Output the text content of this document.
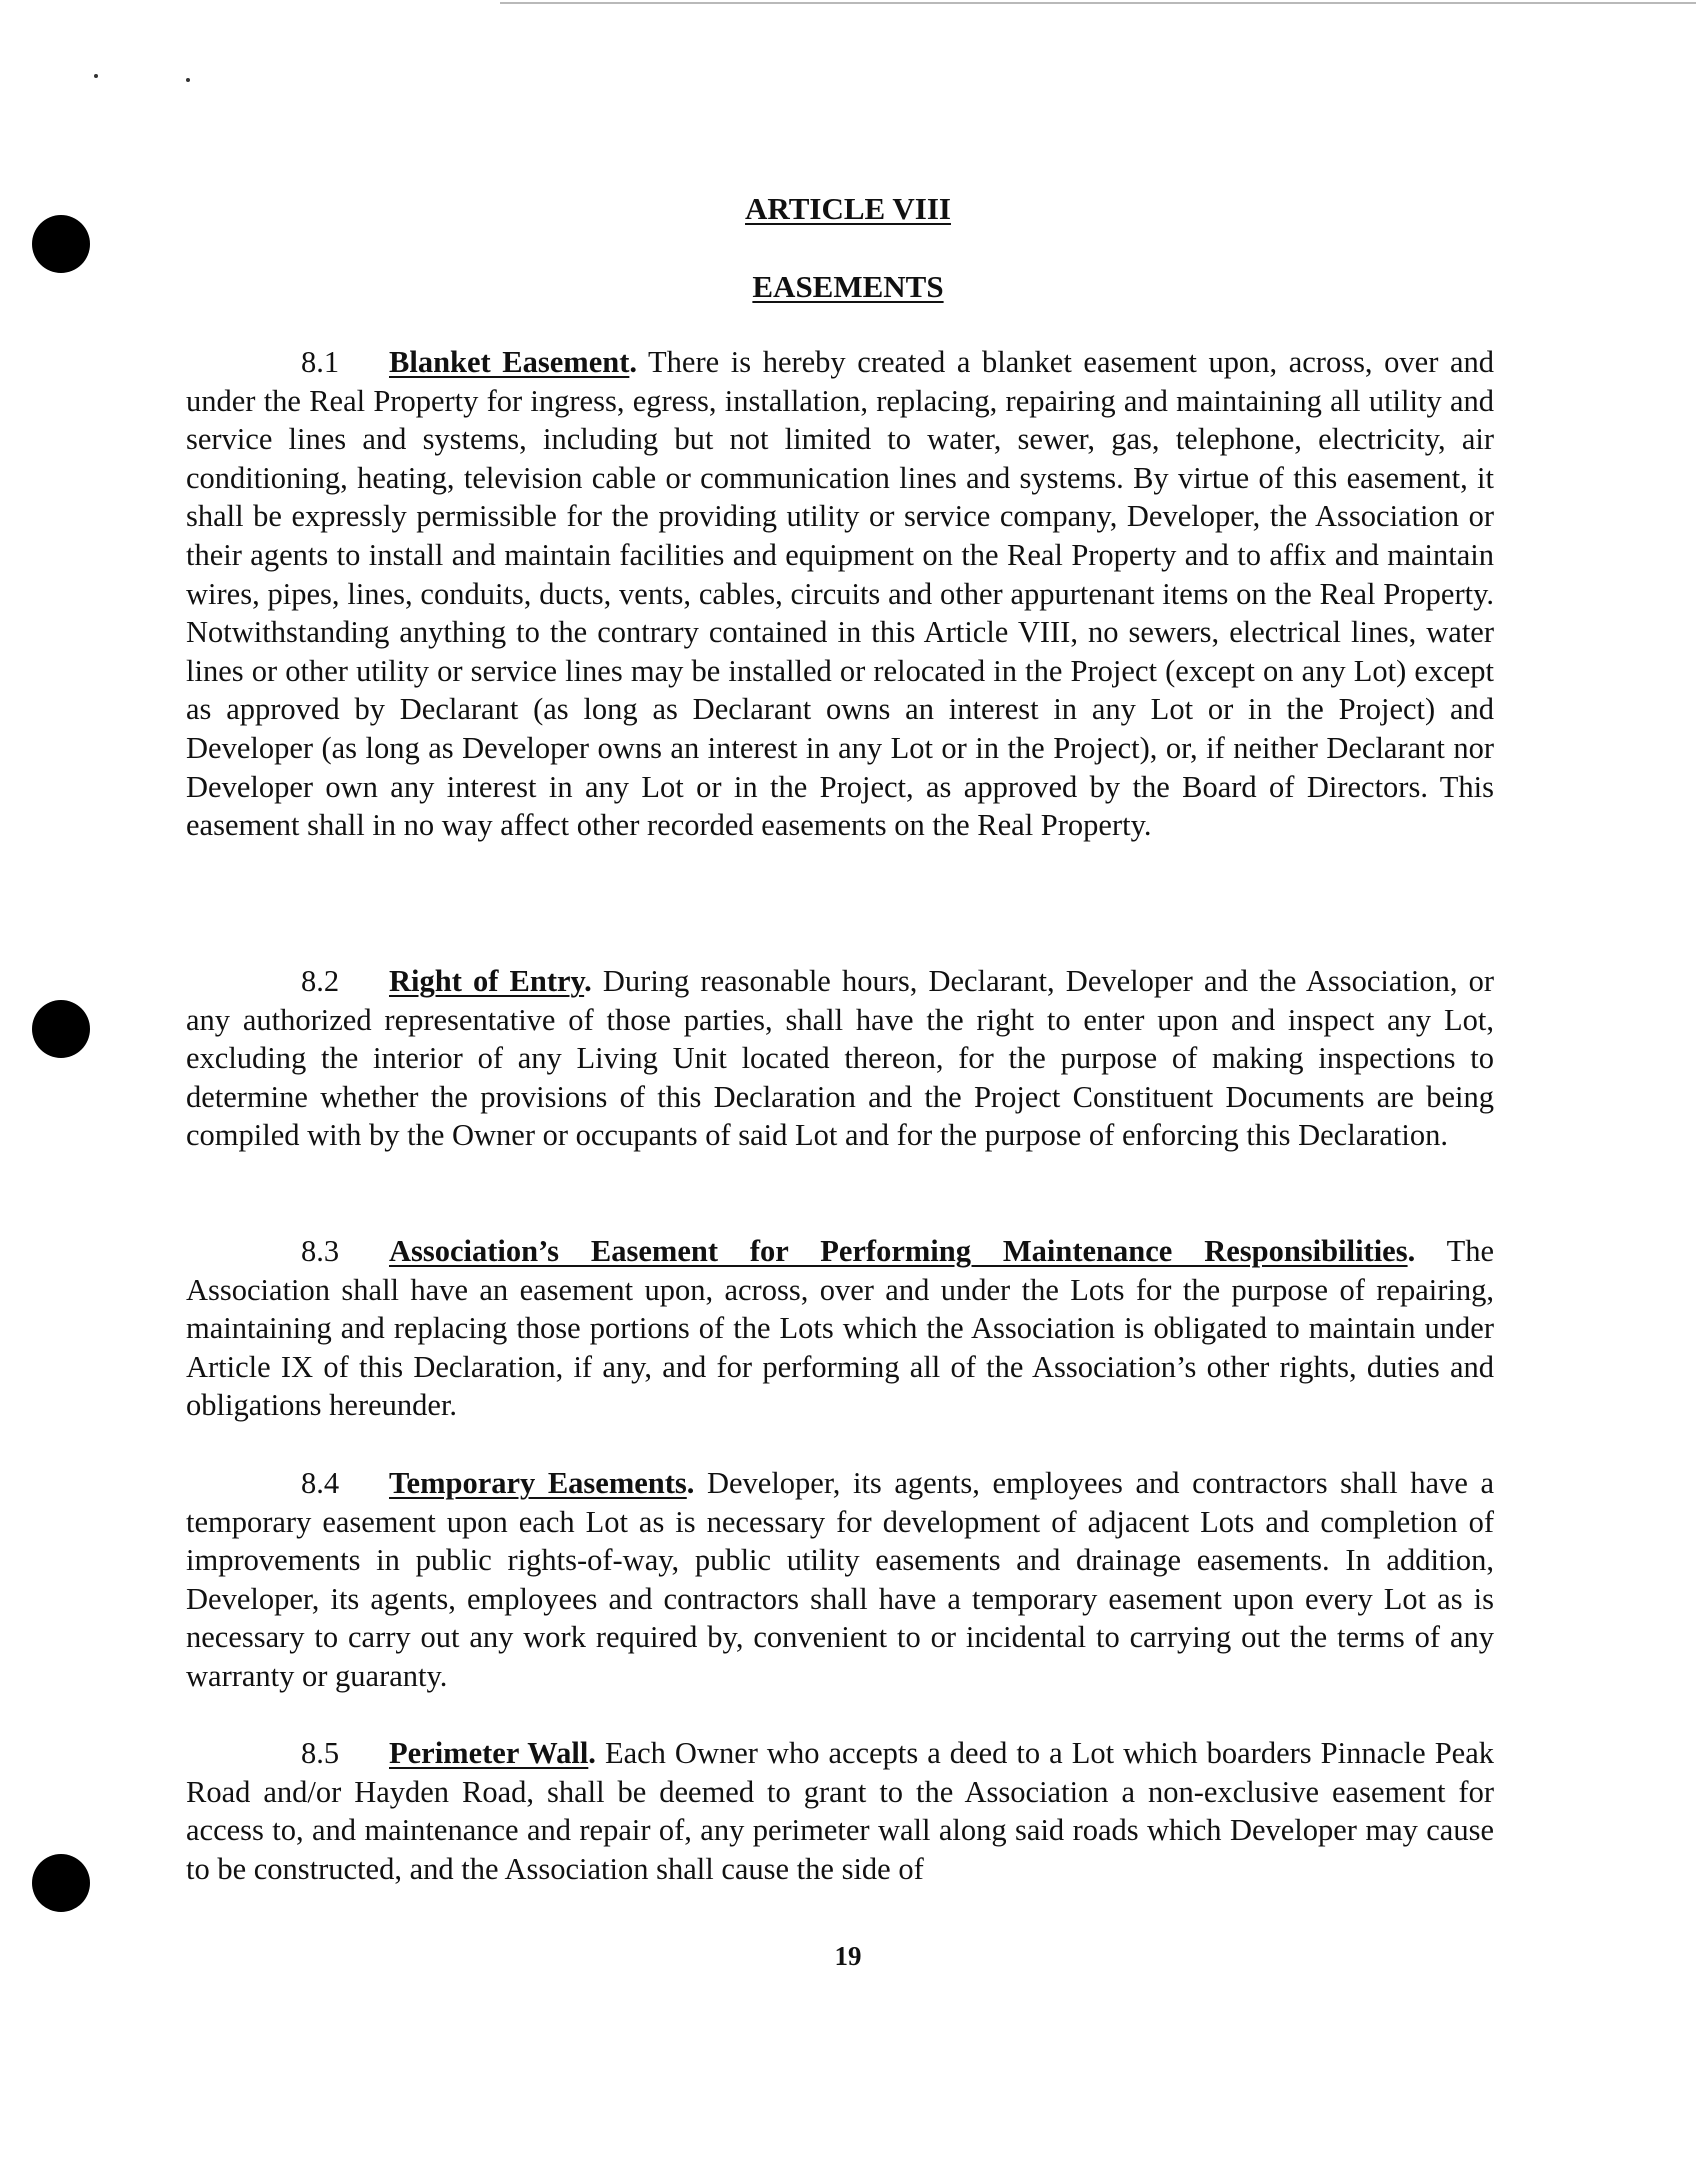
ARTICLE VIII
EASEMENTS

8.1 Blanket Easement. There is hereby created a blanket easement upon, across, over and under the Real Property for ingress, egress, installation, replacing, repairing and maintaining all utility and service lines and systems, including but not limited to water, sewer, gas, telephone, electricity, air conditioning, heating, television cable or communication lines and systems. By virtue of this easement, it shall be expressly permissible for the providing utility or service company, Developer, the Association or their agents to install and maintain facilities and equipment on the Real Property and to affix and maintain wires, pipes, lines, conduits, ducts, vents, cables, circuits and other appurtenant items on the Real Property. Notwithstanding anything to the contrary contained in this Article VIII, no sewers, electrical lines, water lines or other utility or service lines may be installed or relocated in the Project (except on any Lot) except as approved by Declarant (as long as Declarant owns an interest in any Lot or in the Project) and Developer (as long as Developer owns an interest in any Lot or in the Project), or, if neither Declarant nor Developer own any interest in any Lot or in the Project, as approved by the Board of Directors. This easement shall in no way affect other recorded easements on the Real Property.

8.2 Right of Entry. During reasonable hours, Declarant, Developer and the Association, or any authorized representative of those parties, shall have the right to enter upon and inspect any Lot, excluding the interior of any Living Unit located thereon, for the purpose of making inspections to determine whether the provisions of this Declaration and the Project Constituent Documents are being compiled with by the Owner or occupants of said Lot and for the purpose of enforcing this Declaration.

8.3 Association’s Easement for Performing Maintenance Responsibilities. The Association shall have an easement upon, across, over and under the Lots for the purpose of repairing, maintaining and replacing those portions of the Lots which the Association is obligated to maintain under Article IX of this Declaration, if any, and for performing all of the Association’s other rights, duties and obligations hereunder.

8.4 Temporary Easements. Developer, its agents, employees and contractors shall have a temporary easement upon each Lot as is necessary for development of adjacent Lots and completion of improvements in public rights-of-way, public utility easements and drainage easements. In addition, Developer, its agents, employees and contractors shall have a temporary easement upon every Lot as is necessary to carry out any work required by, convenient to or incidental to carrying out the terms of any warranty or guaranty.

8.5 Perimeter Wall. Each Owner who accepts a deed to a Lot which boarders Pinnacle Peak Road and/or Hayden Road, shall be deemed to grant to the Association a non-exclusive easement for access to, and maintenance and repair of, any perimeter wall along said roads which Developer may cause to be constructed, and the Association shall cause the side of

19
